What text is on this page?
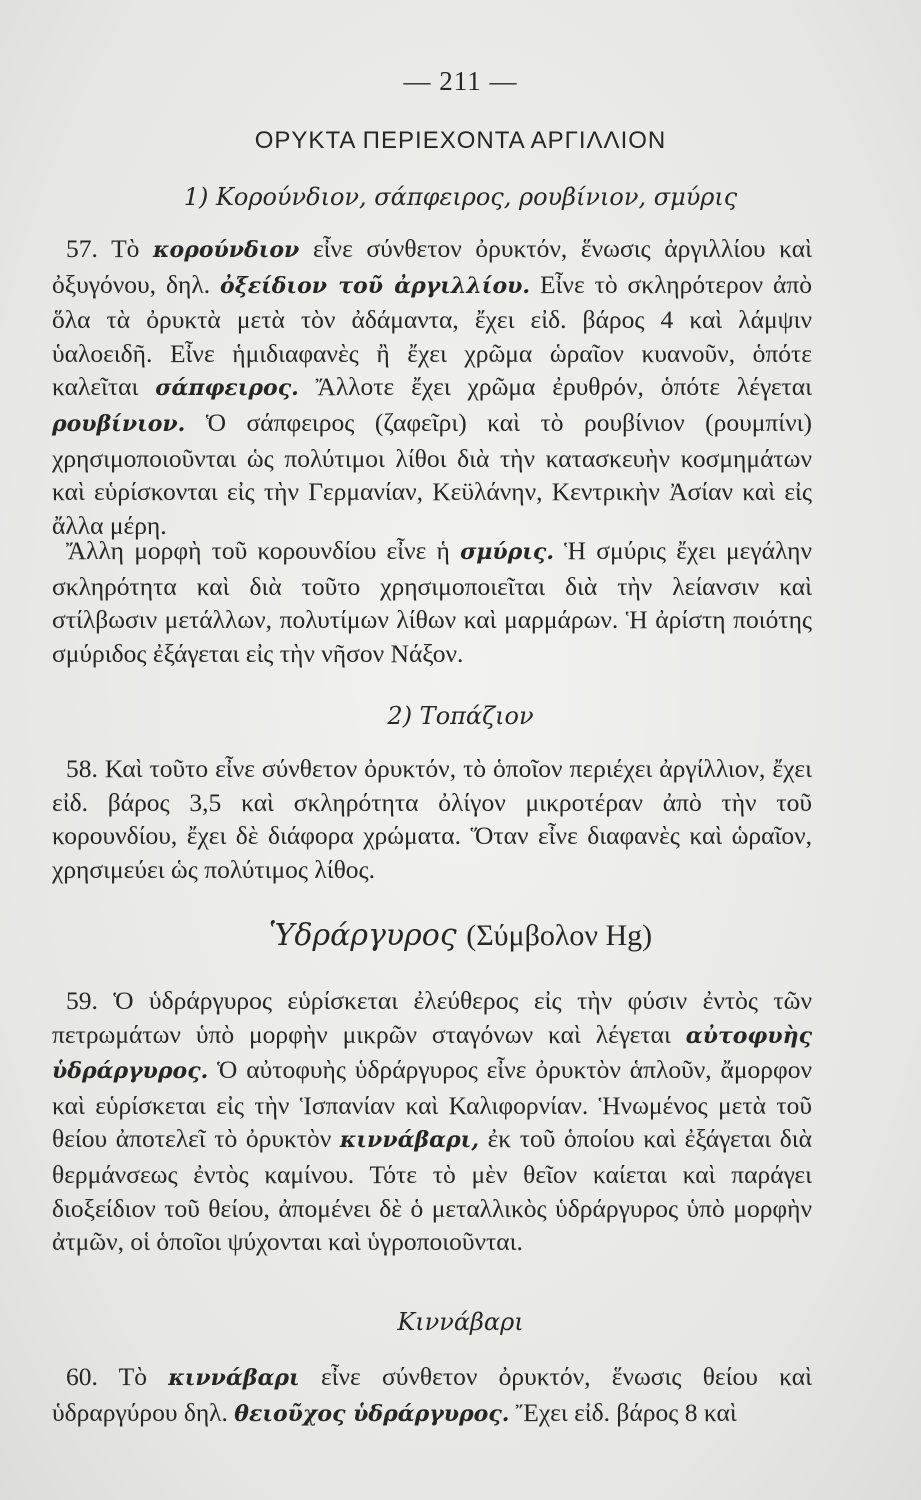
— 211 —
ΟΡΥΚΤΑ ΠΕΡΙΕΧΟΝΤΑ ΑΡΓΙΛΛΙΟΝ
1) Κορούνδιον, σάπφειρος, ρουβίνιον, σμύρις
57. Τὸ κορούνδιον εἶνε σύνθετον ὀρυκτόν, ἕνωσις ἀργιλλίου καὶ ὀξυγόνου, δηλ. ὀξείδιον τοῦ ἀργιλλίου. Εἶνε τὸ σκληρότερον ἀπὸ ὅλα τὰ ὀρυκτὰ μετὰ τὸν ἀδάμαντα, ἔχει εἰδ. βάρος 4 καὶ λάμψιν ὑαλοειδῆ. Εἶνε ἡμιδιαφανὲς ἢ ἔχει χρῶμα ὡραῖον κυανοῦν, ὁπότε καλεῖται σάπφειρος. Ἄλλοτε ἔχει χρῶμα ἐρυθρόν, ὁπότε λέγεται ρουβίνιον. Ὁ σάπφειρος (ζαφεῖρι) καὶ τὸ ρουβίνιον (ρουμπίνι) χρησιμοποιοῦνται ὡς πολύτιμοι λίθοι διὰ τὴν κατασκευὴν κοσμημάτων καὶ εὑρίσκονται εἰς τὴν Γερμανίαν, Κεϋλάνην, Κεντρικὴν Ἀσίαν καὶ εἰς ἄλλα μέρη.
Ἄλλη μορφὴ τοῦ κορουνδίου εἶνε ἡ σμύρις. Ἡ σμύρις ἔχει μεγάλην σκληρότητα καὶ διὰ τοῦτο χρησιμοποιεῖται διὰ τὴν λείανσιν καὶ στίλβωσιν μετάλλων, πολυτίμων λίθων καὶ μαρμάρων. Ἡ ἀρίστη ποιότης σμύριδος ἐξάγεται εἰς τὴν νῆσον Νάξον.
2) Τοπάζιον
58. Καὶ τοῦτο εἶνε σύνθετον ὀρυκτόν, τὸ ὁποῖον περιέχει ἀργίλλιον, ἔχει εἰδ. βάρος 3,5 καὶ σκληρότητα ὀλίγον μικροτέραν ἀπὸ τὴν τοῦ κορουνδίου, ἔχει δὲ διάφορα χρώματα. Ὅταν εἶνε διαφανὲς καὶ ὡραῖον, χρησιμεύει ὡς πολύτιμος λίθος.
Ὑδράργυρος (Σύμβολον Hg)
59. Ὁ ὑδράργυρος εὑρίσκεται ἐλεύθερος εἰς τὴν φύσιν ἐντὸς τῶν πετρωμάτων ὑπὸ μορφὴν μικρῶν σταγόνων καὶ λέγεται αὐτοφυὴς ὑδράργυρος. Ὁ αὐτοφυὴς ὑδράργυρος εἶνε ὀρυκτὸν ἁπλοῦν, ἄμορφον καὶ εὑρίσκεται εἰς τὴν Ἱσπανίαν καὶ Καλιφορνίαν. Ἡνωμένος μετὰ τοῦ θείου ἀποτελεῖ τὸ ὀρυκτὸν κιννάβαρι, ἐκ τοῦ ὁποίου καὶ ἐξάγεται διὰ θερμάνσεως ἐντὸς καμίνου. Τότε τὸ μὲν θεῖον καίεται καὶ παράγει διοξείδιον τοῦ θείου, ἀπομένει δὲ ὁ μεταλλικὸς ὑδράργυρος ὑπὸ μορφὴν ἀτμῶν, οἱ ὁποῖοι ψύχονται καὶ ὑγροποιοῦνται.
Κιννάβαρι
60. Τὸ κιννάβαρι εἶνε σύνθετον ὀρυκτόν, ἕνωσις θείου καὶ ὑδραργύρου δηλ. θειοῦχος ὑδράργυρος. Ἔχει εἰδ. βάρος 8 καὶ
